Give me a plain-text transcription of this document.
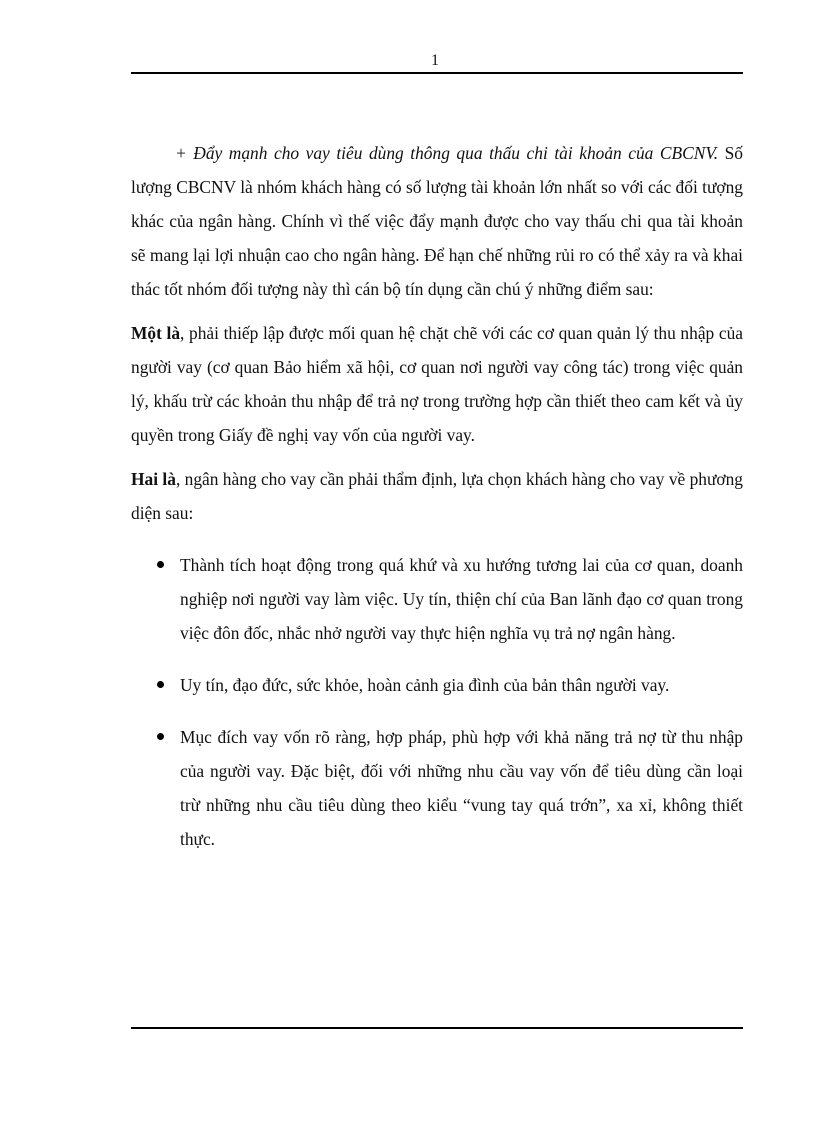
1

+ Đẩy mạnh cho vay tiêu dùng thông qua thấu chi tài khoản của CBCNV. Số lượng CBCNV là nhóm khách hàng có số lượng tài khoản lớn nhất so với các đối tượng khác của ngân hàng. Chính vì thế việc đẩy mạnh được cho vay thấu chi qua tài khoản sẽ mang lại lợi nhuận cao cho ngân hàng. Để hạn chế những rủi ro có thể xảy ra và khai thác tốt nhóm đối tượng này thì cán bộ tín dụng cần chú ý những điểm sau:

Một là, phải thiếp lập được mối quan hệ chặt chẽ với các cơ quan quản lý thu nhập của người vay (cơ quan Bảo hiểm xã hội, cơ quan nơi người vay công tác) trong việc quản lý, khấu trừ các khoản thu nhập để trả nợ trong trường hợp cần thiết theo cam kết và ủy quyền trong Giấy đề nghị vay vốn của người vay.

Hai là, ngân hàng cho vay cần phải thẩm định, lựa chọn khách hàng cho vay về phương diện sau:

Thành tích hoạt động trong quá khứ và xu hướng tương lai của cơ quan, doanh nghiệp nơi người vay làm việc. Uy tín, thiện chí của Ban lãnh đạo cơ quan trong việc đôn đốc, nhắc nhở người vay thực hiện nghĩa vụ trả nợ ngân hàng.
Uy tín, đạo đức, sức khỏe, hoàn cảnh gia đình của bản thân người vay.
Mục đích vay vốn rõ ràng, hợp pháp, phù hợp với khả năng trả nợ từ thu nhập của người vay. Đặc biệt, đối với những nhu cầu vay vốn để tiêu dùng cần loại trừ những nhu cầu tiêu dùng theo kiểu “vung tay quá trớn”, xa xỉ, không thiết thực.
